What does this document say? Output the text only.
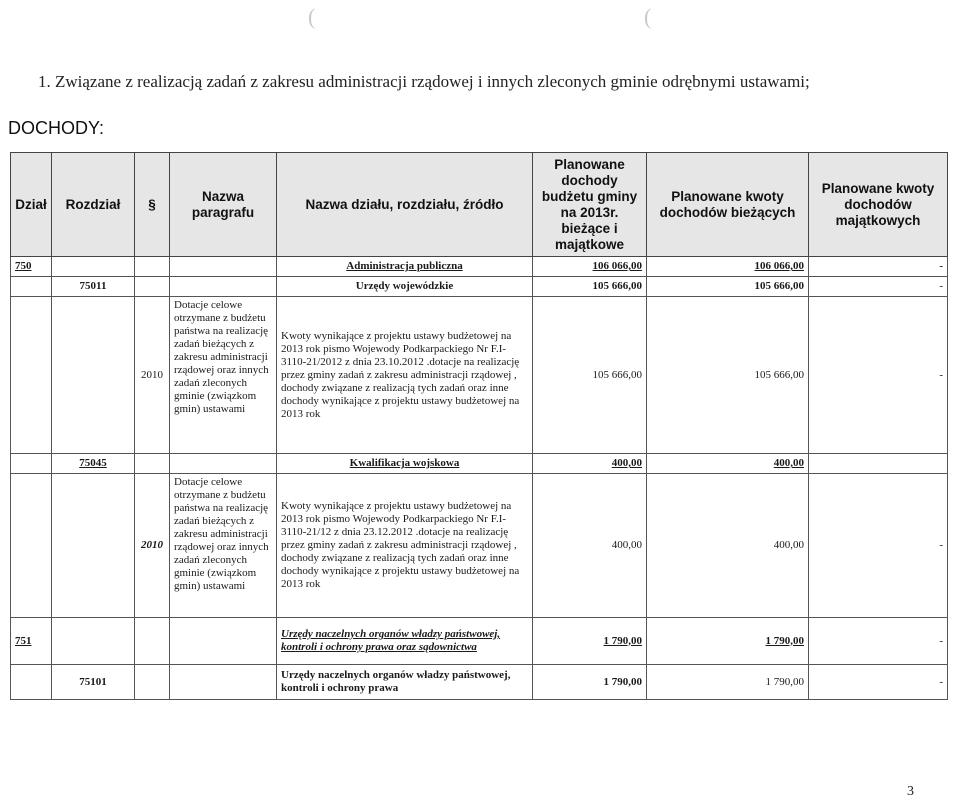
(	(
1. Związane z realizacją zadań z zakresu administracji rządowej i innych zleconych gminie odrębnymi ustawami;
DOCHODY:
Dział	Rozdział	§	Nazwa paragrafu	Nazwa działu, rozdziału, źródło	Planowane dochody budżetu gminy na 2013r. bieżące i majątkowe	Planowane kwoty dochodów bieżących	Planowane kwoty dochodów majątkowych
750				Administracja publiczna	106 066,00	106 066,00	-
	75011			Urzędy wojewódzkie	105 666,00	105 666,00	-
		2010	Dotacje celowe otrzymane z budżetu państwa na realizację zadań bieżących z zakresu administracji rządowej oraz innych zadań zleconych gminie (związkom gmin) ustawami	Kwoty wynikające z projektu ustawy budżetowej na 2013 rok pismo Wojewody Podkarpackiego Nr F.I-3110-21/2012 z dnia 23.10.2012 .dotacje na realizację przez gminy zadań z zakresu administracji rządowej , dochody związane z realizacją tych zadań oraz inne dochody wynikające z projektu ustawy budżetowej na 2013 rok	105 666,00	105 666,00	-
	75045			Kwalifikacja wojskowa	400,00	400,00	
		2010	Dotacje celowe otrzymane z budżetu państwa na realizację zadań bieżących z zakresu administracji rządowej oraz innych zadań zleconych gminie (związkom gmin) ustawami	Kwoty wynikające z projektu ustawy budżetowej na 2013 rok pismo Wojewody Podkarpackiego Nr F.I-3110-21/12 z dnia 23.12.2012 .dotacje na realizację przez gminy zadań z zakresu administracji rządowej , dochody związane z realizacją tych zadań oraz inne dochody wynikające z projektu ustawy budżetowej na 2013 rok	400,00	400,00	-
751				Urzędy naczelnych organów władzy państwowej, kontroli i ochrony prawa oraz sądownictwa	1 790,00	1 790,00	-
	75101			Urzędy naczelnych organów władzy państwowej, kontroli i ochrony prawa	1 790,00	1 790,00	-
3
